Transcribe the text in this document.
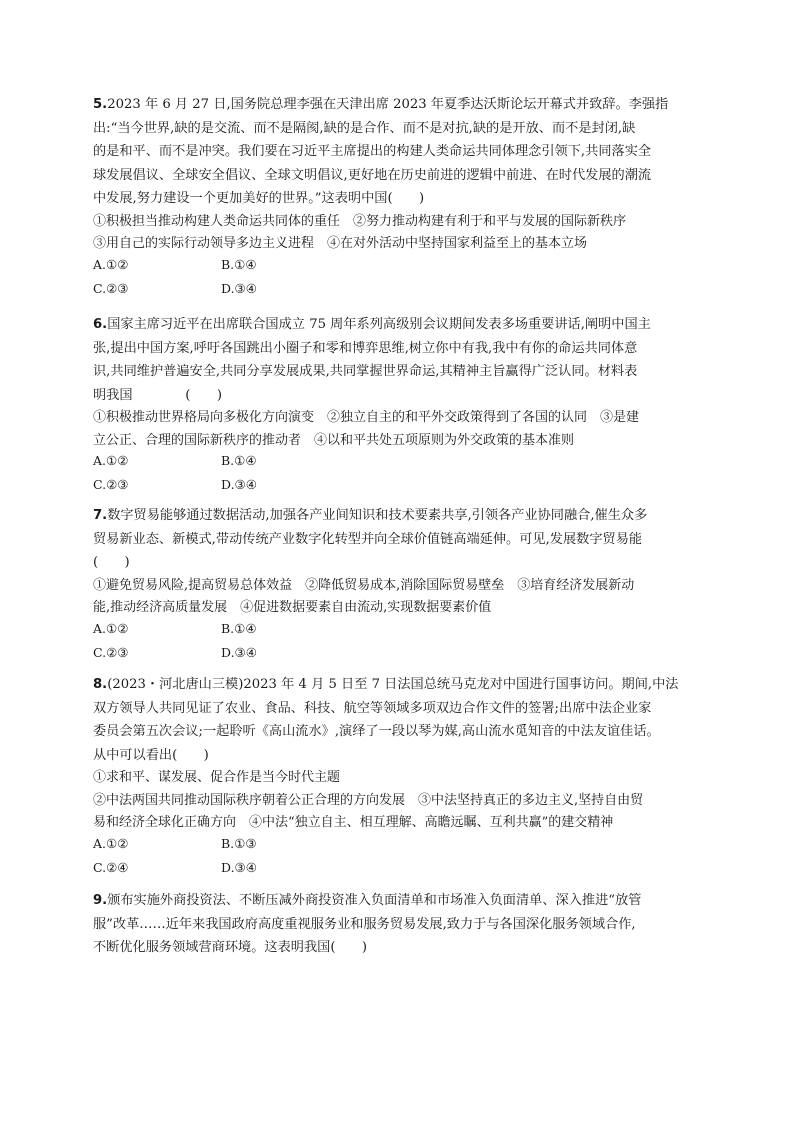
5.2023 年 6 月 27 日,国务院总理李强在天津出席 2023 年夏季达沃斯论坛开幕式并致辞。李强指
出:“当今世界,缺的是交流、而不是隔阂,缺的是合作、而不是对抗,缺的是开放、而不是封闭,缺
的是和平、而不是冲突。我们要在习近平主席提出的构建人类命运共同体理念引领下,共同落实全
球发展倡议、全球安全倡议、全球文明倡议,更好地在历史前进的逻辑中前进、在时代发展的潮流
中发展,努力建设一个更加美好的世界。”这表明中国(　　)
①积极担当推动构建人类命运共同体的重任　②努力推动构建有利于和平与发展的国际新秩序
③用自己的实际行动领导多边主义进程　④在对外活动中坚持国家利益至上的基本立场
A.①②	B.①④
C.②③	D.③④
6.国家主席习近平在出席联合国成立 75 周年系列高级别会议期间发表多场重要讲话,阐明中国主
张,提出中国方案,呼吁各国跳出小圈子和零和博弈思维,树立你中有我,我中有你的命运共同体意
识,共同维护普遍安全,共同分享发展成果,共同掌握世界命运,其精神主旨赢得广泛认同。材料表
明我国　　　　(　　)
①积极推动世界格局向多极化方向演变　②独立自主的和平外交政策得到了各国的认同　③是建
立公正、合理的国际新秩序的推动者　④以和平共处五项原则为外交政策的基本准则
A.①②	B.①④
C.②③	D.③④
7.数字贸易能够通过数据活动,加强各产业间知识和技术要素共享,引领各产业协同融合,催生众多
贸易新业态、新模式,带动传统产业数字化转型并向全球价值链高端延伸。可见,发展数字贸易能
(　　)
①避免贸易风险,提高贸易总体效益　②降低贸易成本,消除国际贸易壁垒　③培育经济发展新动
能,推动经济高质量发展　④促进数据要素自由流动,实现数据要素价值
A.①②	B.①④
C.②③	D.③④
8.(2023・河北唐山三模)2023 年 4 月 5 日至 7 日法国总统马克龙对中国进行国事访问。期间,中法
双方领导人共同见证了农业、食品、科技、航空等领域多项双边合作文件的签署;出席中法企业家
委员会第五次会议;一起聆听《高山流水》,演绎了一段以琴为媒,高山流水觅知音的中法友谊佳话。
从中可以看出(　　)
①求和平、谋发展、促合作是当今时代主题
②中法两国共同推动国际秩序朝着公正合理的方向发展　③中法坚持真正的多边主义,坚持自由贸
易和经济全球化正确方向　④中法“独立自主、相互理解、高瞻远瞩、互利共赢”的建交精神
A.①②	B.①③
C.②④	D.③④
9.颁布实施外商投资法、不断压减外商投资准入负面清单和市场准入负面清单、深入推进“放管
服”改革……近年来我国政府高度重视服务业和服务贸易发展,致力于与各国深化服务领域合作,
不断优化服务领域营商环境。这表明我国(　　)
